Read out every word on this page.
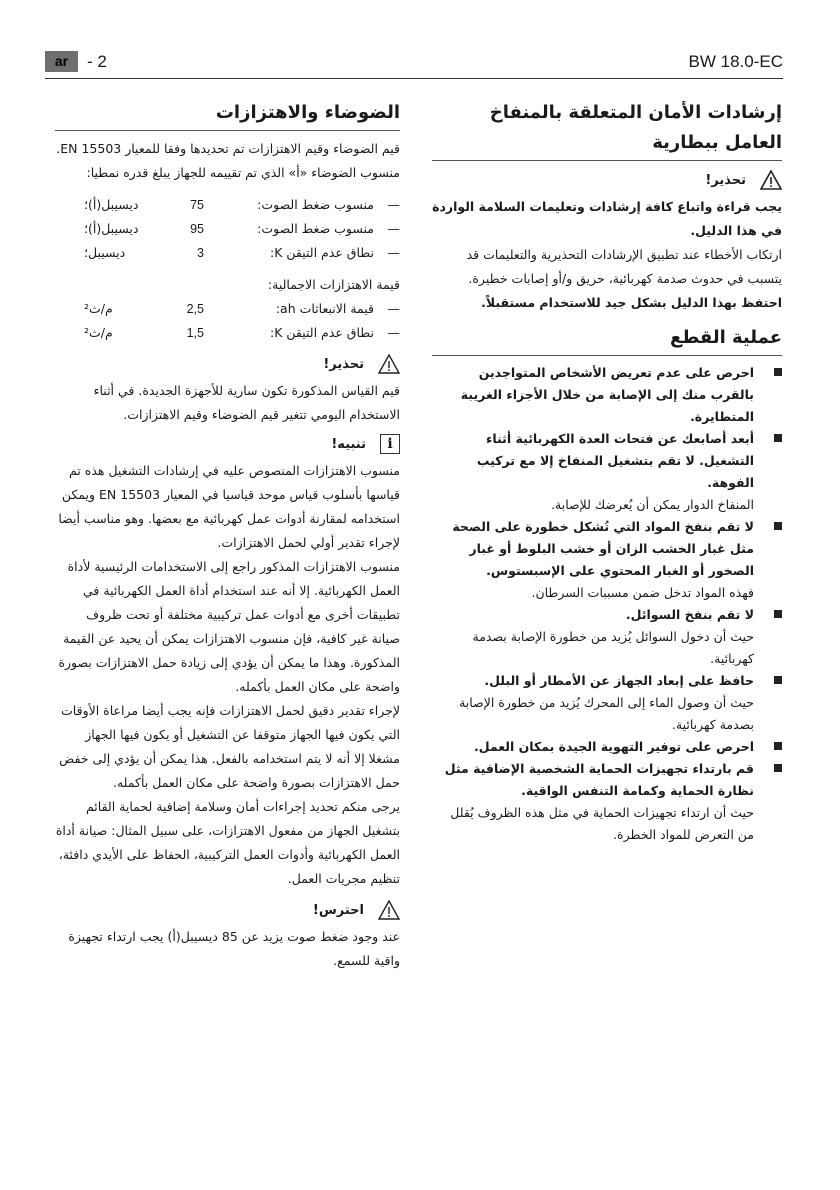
ar	- 2	BW 18.0-EC
إرشادات الأمان المتعلقة بالمنفاخ العامل ببطارية
تحذير!

يجب قراءة واتباع كافة إرشادات وتعليمات السلامة الواردة في هذا الدليل.

ارتكاب الأخطاء عند تطبيق الإرشادات التحذيرية والتعليمات قد يتسبب في حدوث صدمة كهربائية، حريق و/أو إصابات خطيرة.

احتفظ بهذا الدليل بشكل جيد للاستخدام مستقبلاً.

عملية القطع
احرص على عدم تعريض الأشخاص المتواجدين بالقرب منك إلى الإصابة من خلال الأجزاء الغريبة المتطايرة.
أبعد أصابعك عن فتحات العدة الكهربائية أثناء التشغيل. لا تقم بتشغيل المنفاخ إلا مع تركيب الفوهة.
المنفاخ الدوار يمكن أن يُعرضك للإصابة.
لا تقم بنفخ المواد التي تُشكل خطورة على الصحة مثل غبار الخشب الزان أو خشب البلوط أو غبار الصخور أو الغبار المحتوي على الإسبستوس.
فهذه المواد تدخل ضمن مسببات السرطان.
لا تقم بنفخ السوائل.
حيث أن دخول السوائل يُزيد من خطورة الإصابة بصدمة كهربائية.
حافظ على إبعاد الجهاز عن الأمطار أو البلل.
حيث أن وصول الماء إلى المحرك يُزيد من خطورة الإصابة بصدمة كهربائية.
احرص على توفير التهوية الجيدة بمكان العمل.
قم بارتداء تجهيزات الحماية الشخصية الإضافية مثل نظارة الحماية وكمامة التنفس الواقية.
حيث أن ارتداء تجهيزات الحماية في مثل هذه الظروف يُقلل من التعرض للمواد الخطرة.
الضوضاء والاهتزازات

قيم الضوضاء وقيم الاهتزازات تم تحديدها وفقا للمعيار EN 15503. منسوب الضوضاء «أ» الذي تم تقييمه للجهاز يبلغ قدره نمطيا:

—
منسوب ضغط الصوت:
75
ديسيبل(أ)؛
—
منسوب ضغط الصوت:
95
ديسيبل(أ)؛
—
نطاق عدم التيقن K:
3
ديسيبل؛

قيمة الاهتزازات الاجمالية:

—
قيمة الانبعاثات ah:
2,5
م/ث²
—
نطاق عدم التيقن K:
1,5
م/ث²
تحذير!

قيم القياس المذكورة تكون سارية للأجهزة الجديدة. في أثناء الاستخدام اليومي تتغير قيم الضوضاء وقيم الاهتزازات.

i
تنبيه!

منسوب الاهتزازات المنصوص عليه في إرشادات التشغيل هذه تم قياسها بأسلوب قياس موحد قياسيا في المعيار EN 15503 ويمكن استخدامه لمقارنة أدوات عمل كهربائية مع بعضها. وهو مناسب أيضا لإجراء تقدير أولي لحمل الاهتزازات.

منسوب الاهتزازات المذكور راجع إلى الاستخدامات الرئيسية لأداة العمل الكهربائية. إلا أنه عند استخدام أداة العمل الكهربائية في تطبيقات أخرى مع أدوات عمل تركيبية مختلفة أو تحت ظروف صيانة غير كافية، فإن منسوب الاهتزازات يمكن أن يحيد عن القيمة المذكورة. وهذا ما يمكن أن يؤدي إلى زيادة حمل الاهتزازات بصورة واضحة على مكان العمل بأكمله.

لإجراء تقدير دقيق لحمل الاهتزازات فإنه يجب أيضا مراعاة الأوقات التي يكون فيها الجهاز متوقفا عن التشغيل أو يكون فيها الجهاز مشغلا إلا أنه لا يتم استخدامه بالفعل. هذا يمكن أن يؤدي إلى خفض حمل الاهتزازات بصورة واضحة على مكان العمل بأكمله.

يرجى منكم تحديد إجراءات أمان وسلامة إضافية لحماية القائم بتشغيل الجهاز من مفعول الاهتزازات، على سبيل المثال: صيانة أداة العمل الكهربائية وأدوات العمل التركيبية، الحفاظ على الأيدي دافئة، تنظيم مجريات العمل.

احترس!

عند وجود ضغط صوت يزيد عن 85 ديسيبل(أ) يجب ارتداء تجهيزة واقية للسمع.
